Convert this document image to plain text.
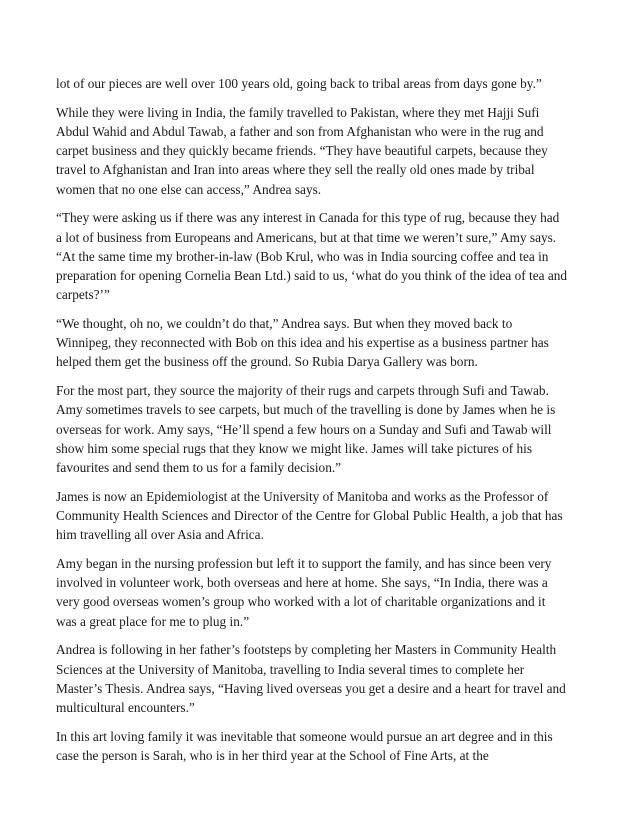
lot of our pieces are well over 100 years old, going back to tribal areas from days gone by.”

While they were living in India, the family travelled to Pakistan, where they met Hajji Sufi Abdul Wahid and Abdul Tawab, a father and son from Afghanistan who were in the rug and carpet business and they quickly became friends. “They have beautiful carpets, because they travel to Afghanistan and Iran into areas where they sell the really old ones made by tribal women that no one else can access,” Andrea says.

“They were asking us if there was any interest in Canada for this type of rug, because they had a lot of business from Europeans and Americans, but at that time we weren’t sure,” Amy says. “At the same time my brother-in-law (Bob Krul, who was in India sourcing coffee and tea in preparation for opening Cornelia Bean Ltd.) said to us, ‘what do you think of the idea of tea and carpets?’”

“We thought, oh no, we couldn’t do that,” Andrea says. But when they moved back to Winnipeg, they reconnected with Bob on this idea and his expertise as a business partner has helped them get the business off the ground. So Rubia Darya Gallery was born.

For the most part, they source the majority of their rugs and carpets through Sufi and Tawab. Amy sometimes travels to see carpets, but much of the travelling is done by James when he is overseas for work. Amy says, “He’ll spend a few hours on a Sunday and Sufi and Tawab will show him some special rugs that they know we might like. James will take pictures of his favourites and send them to us for a family decision.”

James is now an Epidemiologist at the University of Manitoba and works as the Professor of Community Health Sciences and Director of the Centre for Global Public Health, a job that has him travelling all over Asia and Africa.

Amy began in the nursing profession but left it to support the family, and has since been very involved in volunteer work, both overseas and here at home. She says, “In India, there was a very good overseas women’s group who worked with a lot of charitable organizations and it was a great place for me to plug in.”

Andrea is following in her father’s footsteps by completing her Masters in Community Health Sciences at the University of Manitoba, travelling to India several times to complete her Master’s Thesis. Andrea says, “Having lived overseas you get a desire and a heart for travel and multicultural encounters.”

In this art loving family it was inevitable that someone would pursue an art degree and in this case the person is Sarah, who is in her third year at the School of Fine Arts, at the
